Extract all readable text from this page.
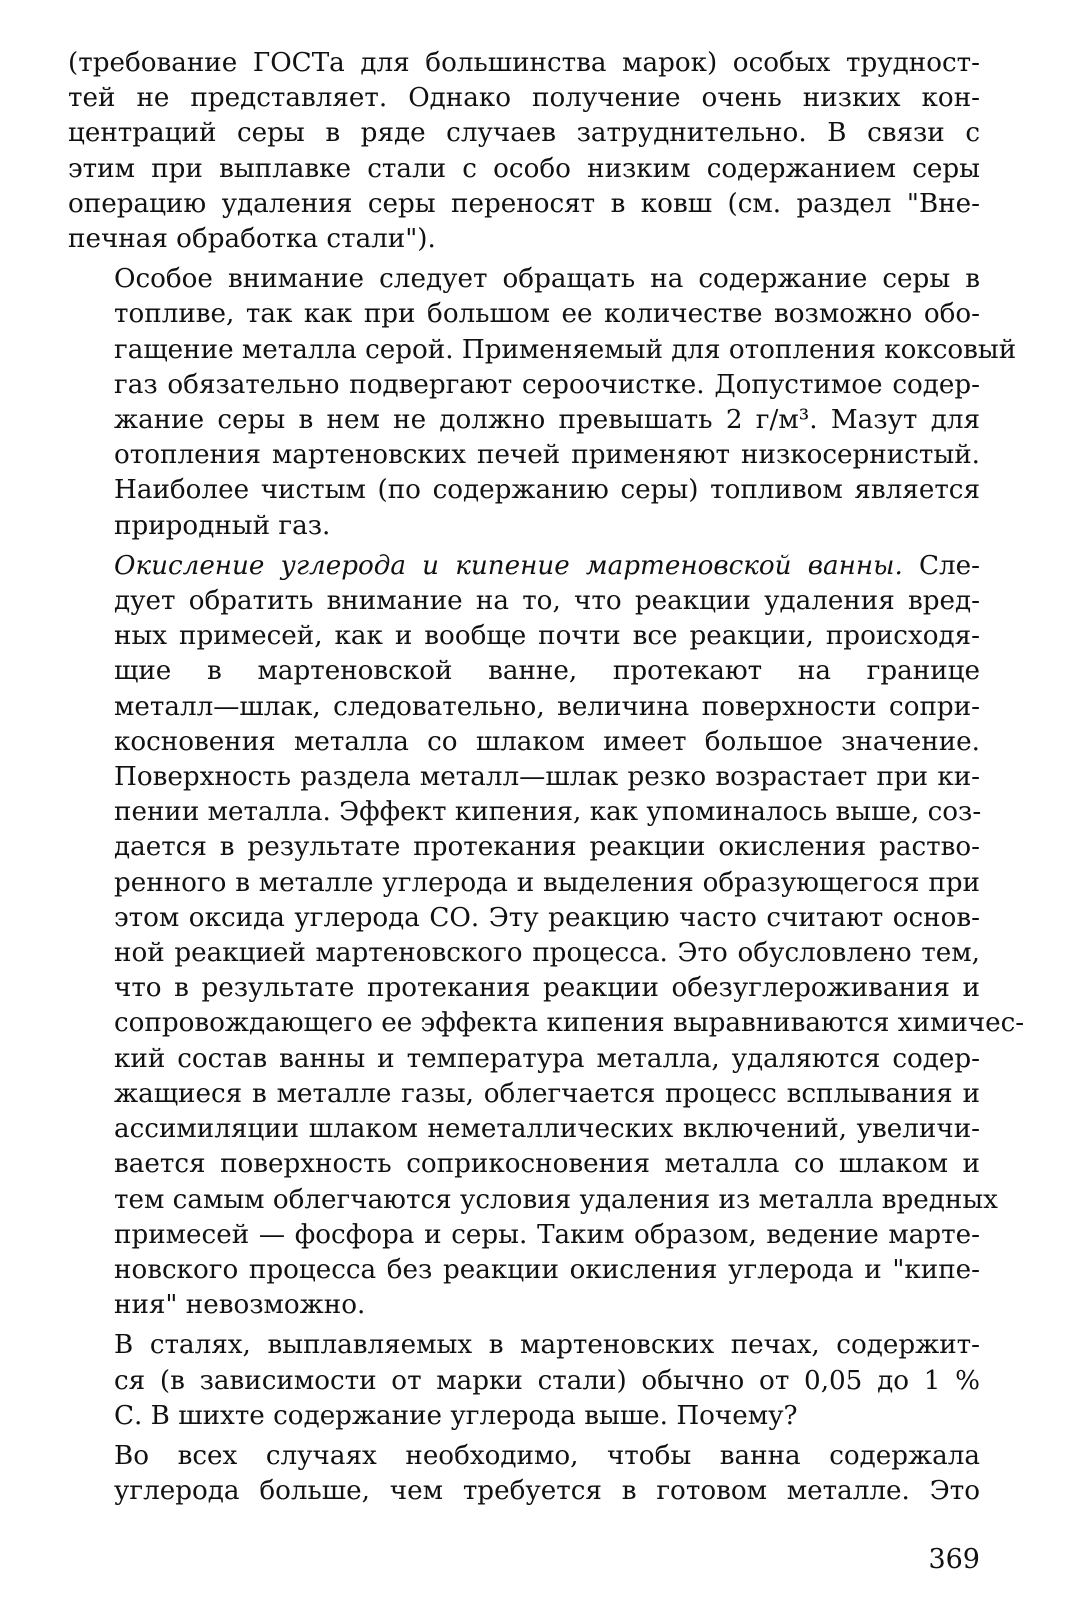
(требование ГОСТа для большинства марок) особых трудност-
тей не представляет. Однако получение очень низких кон-
центраций серы в ряде случаев затруднительно. В связи с
этим при выплавке стали с особо низким содержанием серы
операцию удаления серы переносят в ковш (см. раздел "Вне-
печная обработка стали").

Особое внимание следует обращать на содержание серы в
топливе, так как при большом ее количестве возможно обо-
гащение металла серой. Применяемый для отопления коксовый
газ обязательно подвергают сероочистке. Допустимое содер-
жание серы в нем не должно превышать 2 г/м³. Мазут для
отопления мартеновских печей применяют низкосернистый.
Наиболее чистым (по содержанию серы) топливом является
природный газ.

Окисление углерода и кипение мартеновской ванны. Сле-
дует обратить внимание на то, что реакции удаления вред-
ных примесей, как и вообще почти все реакции, происходя-
щие в мартеновской ванне, протекают на границе
металл—шлак, следовательно, величина поверхности сопри-
косновения металла со шлаком имеет большое значение.
Поверхность раздела металл—шлак резко возрастает при ки-
пении металла. Эффект кипения, как упоминалось выше, соз-
дается в результате протекания реакции окисления раство-
ренного в металле углерода и выделения образующегося при
этом оксида углерода СО. Эту реакцию часто считают основ-
ной реакцией мартеновского процесса. Это обусловлено тем,
что в результате протекания реакции обезуглероживания и
сопровождающего ее эффекта кипения выравниваются химичес-
кий состав ванны и температура металла, удаляются содер-
жащиеся в металле газы, облегчается процесс всплывания и
ассимиляции шлаком неметаллических включений, увеличи-
вается поверхность соприкосновения металла со шлаком и
тем самым облегчаются условия удаления из металла вредных
примесей — фосфора и серы. Таким образом, ведение марте-
новского процесса без реакции окисления углерода и "кипе-
ния" невозможно.

В сталях, выплавляемых в мартеновских печах, содержит-
ся (в зависимости от марки стали) обычно от 0,05 до 1 %
С. В шихте содержание углерода выше. Почему?

Во всех случаях необходимо, чтобы ванна содержала
углерода больше, чем требуется в готовом металле. Это

369
